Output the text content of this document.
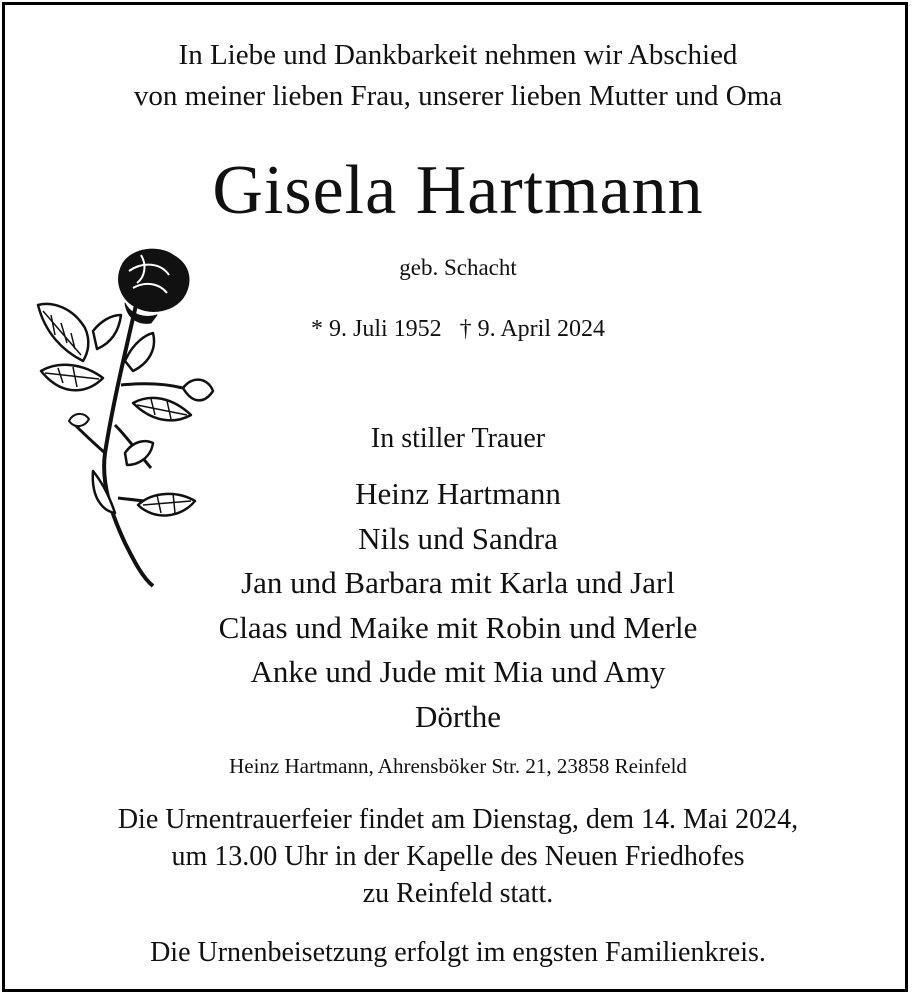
In Liebe und Dankbarkeit nehmen wir Abschied
von meiner lieben Frau, unserer lieben Mutter und Oma
Gisela Hartmann
geb. Schacht
* 9. Juli 1952 † 9. April 2024
In stiller Trauer
Heinz Hartmann
Nils und Sandra
Jan und Barbara mit Karla und Jarl
Claas und Maike mit Robin und Merle
Anke und Jude mit Mia und Amy
Dörthe
Heinz Hartmann, Ahrensböker Str. 21, 23858 Reinfeld
Die Urnentrauerfeier findet am Dienstag, dem 14. Mai 2024,
um 13.00 Uhr in der Kapelle des Neuen Friedhofes
zu Reinfeld statt.
Die Urnenbeisetzung erfolgt im engsten Familienkreis.
